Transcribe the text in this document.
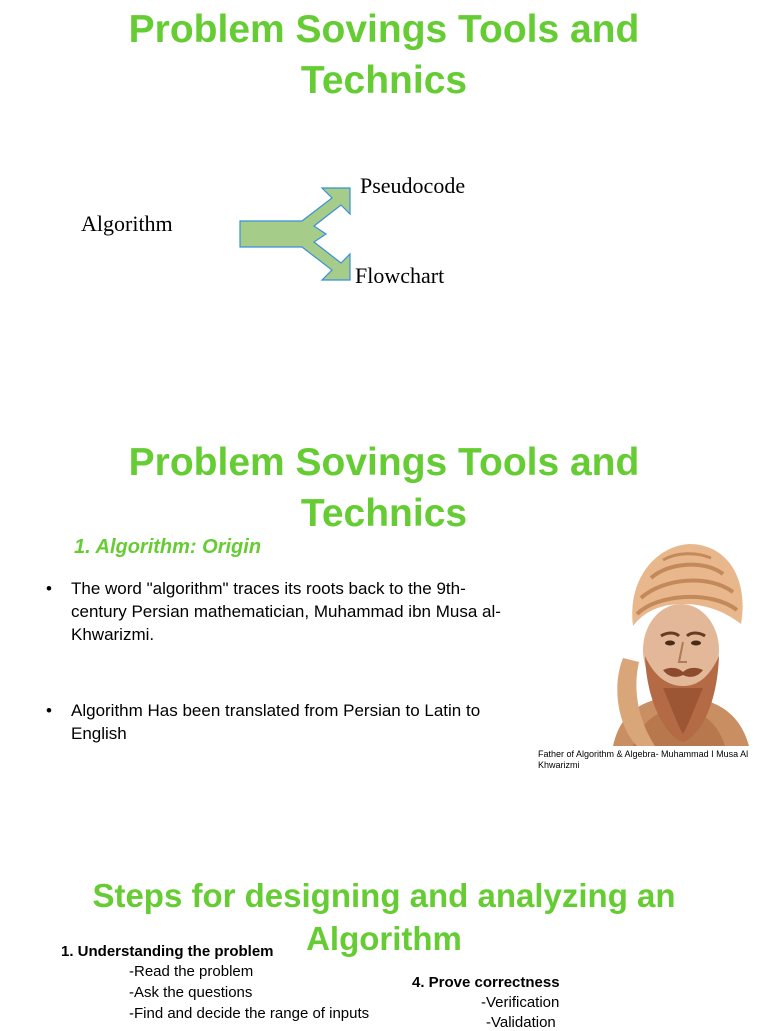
Problem Sovings Tools and
Technics
Algorithm
Pseudocode
Flowchart
Problem Sovings Tools and
Technics
1. Algorithm: Origin
• The word "algorithm" traces its roots back to the 9th-
century Persian mathematician, Muhammad ibn Musa al-
Khwarizmi.
• Algorithm Has been translated from Persian to Latin to
English
Father of Algorithm & Algebra- Muhammad I Musa Al
Khwarizmi
Steps for designing and analyzing an
Algorithm
1. Understanding the problem
-Read the problem
-Ask the questions
-Find and decide the range of inputs
4. Prove correctness
-Verification
-Validation
